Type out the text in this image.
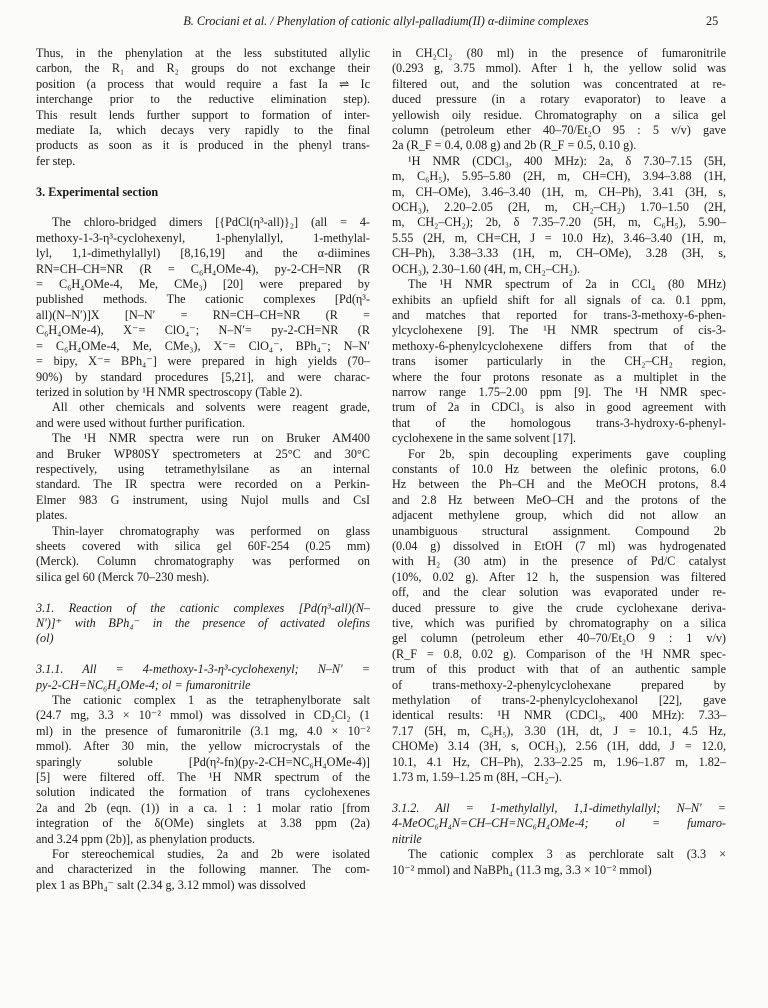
B. Crociani et al. / Phenylation of cationic allyl-palladium(II) α-diimine complexes	25
Thus, in the phenylation at the less substituted allylic
carbon, the R₁ and R₂ groups do not exchange their
position (a process that would require a fast Ia ⇌ Ic
interchange prior to the reductive elimination step).
This result lends further support to formation of inter-
mediate Ia, which decays very rapidly to the final
products as soon as it is produced in the phenyl trans-
fer step.
3. Experimental section
The chloro-bridged dimers [{PdCl(η³-all)}₂] (all = 4-
methoxy-1-3-η³-cyclohexenyl, 1-phenylallyl, 1-methylal-
lyl, 1,1-dimethylallyl) [8,16,19] and the α-diimines
RN=CH–CH=NR (R = C₆H₄OMe-4), py-2-CH=NR (R
= C₆H₄OMe-4, Me, CMe₃) [20] were prepared by
published methods. The cationic complexes [Pd(η³-
all)(N–N′)]X [N–N′ = RN=CH–CH=NR (R =
C₆H₄OMe-4), X⁻= ClO₄⁻; N–N′= py-2-CH=NR (R
= C₆H₄OMe-4, Me, CMe₃), X⁻= ClO₄⁻, BPh₄⁻; N–N′
= bipy, X⁻= BPh₄⁻] were prepared in high yields (70–
90%) by standard procedures [5,21], and were charac-
terized in solution by ¹H NMR spectroscopy (Table 2).
All other chemicals and solvents were reagent grade,
and were used without further purification.
The ¹H NMR spectra were run on Bruker AM400
and Bruker WP80SY spectrometers at 25°C and 30°C
respectively, using tetramethylsilane as an internal
standard. The IR spectra were recorded on a Perkin-
Elmer 983 G instrument, using Nujol mulls and CsI
plates.
Thin-layer chromatography was performed on glass
sheets covered with silica gel 60F-254 (0.25 mm)
(Merck). Column chromatography was performed on
silica gel 60 (Merck 70–230 mesh).
3.1. Reaction of the cationic complexes [Pd(η³-all)(N–
N′)]⁺ with BPh₄⁻ in the presence of activated olefins
(ol)
3.1.1. All = 4-methoxy-1-3-η³-cyclohexenyl; N–N′ =
py-2-CH=NC₆H₄OMe-4; ol = fumaronitrile
The cationic complex 1 as the tetraphenylborate salt
(24.7 mg, 3.3 × 10⁻² mmol) was dissolved in CD₂Cl₂ (1
ml) in the presence of fumaronitrile (3.1 mg, 4.0 × 10⁻²
mmol). After 30 min, the yellow microcrystals of the
sparingly soluble [Pd(η²-fn)(py-2-CH=NC₆H₄OMe-4)]
[5] were filtered off. The ¹H NMR spectrum of the
solution indicated the formation of trans cyclohexenes
2a and 2b (eqn. (1)) in a ca. 1 : 1 molar ratio [from
integration of the δ(OMe) singlets at 3.38 ppm (2a)
and 3.24 ppm (2b)], as phenylation products.
For stereochemical studies, 2a and 2b were isolated
and characterized in the following manner. The com-
plex 1 as BPh₄⁻ salt (2.34 g, 3.12 mmol) was dissolved
in CH₂Cl₂ (80 ml) in the presence of fumaronitrile
(0.293 g, 3.75 mmol). After 1 h, the yellow solid was
filtered out, and the solution was concentrated at re-
duced pressure (in a rotary evaporator) to leave a
yellowish oily residue. Chromatography on a silica gel
column (petroleum ether 40–70/Et₂O 95 : 5 v/v) gave
2a (R_F = 0.4, 0.08 g) and 2b (R_F = 0.5, 0.10 g).
¹H NMR (CDCl₃, 400 MHz): 2a, δ 7.30–7.15 (5H,
m, C₆H₅), 5.95–5.80 (2H, m, CH=CH), 3.94–3.88 (1H,
m, CH–OMe), 3.46–3.40 (1H, m, CH–Ph), 3.41 (3H, s,
OCH₃), 2.20–2.05 (2H, m, CH₂–CH₂) 1.70–1.50 (2H,
m, CH₂–CH₂); 2b, δ 7.35–7.20 (5H, m, C₆H₅), 5.90–
5.55 (2H, m, CH=CH, J = 10.0 Hz), 3.46–3.40 (1H, m,
CH–Ph), 3.38–3.33 (1H, m, CH–OMe), 3.28 (3H, s,
OCH₃), 2.30–1.60 (4H, m, CH₂–CH₂).
The ¹H NMR spectrum of 2a in CCl₄ (80 MHz)
exhibits an upfield shift for all signals of ca. 0.1 ppm,
and matches that reported for trans-3-methoxy-6-phen-
ylcyclohexene [9]. The ¹H NMR spectrum of cis-3-
methoxy-6-phenylcyclohexene differs from that of the
trans isomer particularly in the CH₂–CH₂ region,
where the four protons resonate as a multiplet in the
narrow range 1.75–2.00 ppm [9]. The ¹H NMR spec-
trum of 2a in CDCl₃ is also in good agreement with
that of the homologous trans-3-hydroxy-6-phenyl-
cyclohexene in the same solvent [17].
For 2b, spin decoupling experiments gave coupling
constants of 10.0 Hz between the olefinic protons, 6.0
Hz between the Ph–CH and the MeOCH protons, 8.4
and 2.8 Hz between MeO–CH and the protons of the
adjacent methylene group, which did not allow an
unambiguous structural assignment. Compound 2b
(0.04 g) dissolved in EtOH (7 ml) was hydrogenated
with H₂ (30 atm) in the presence of Pd/C catalyst
(10%, 0.02 g). After 12 h, the suspension was filtered
off, and the clear solution was evaporated under re-
duced pressure to give the crude cyclohexane deriva-
tive, which was purified by chromatography on a silica
gel column (petroleum ether 40–70/Et₂O 9 : 1 v/v)
(R_F = 0.8, 0.02 g). Comparison of the ¹H NMR spec-
trum of this product with that of an authentic sample
of trans-methoxy-2-phenylcyclohexane prepared by
methylation of trans-2-phenylcyclohexanol [22], gave
identical results: ¹H NMR (CDCl₃, 400 MHz): 7.33–
7.17 (5H, m, C₆H₅), 3.30 (1H, dt, J = 10.1, 4.5 Hz,
CHOMe) 3.14 (3H, s, OCH₃), 2.56 (1H, ddd, J = 12.0,
10.1, 4.1 Hz, CH–Ph), 2.33–2.25 m, 1.96–1.87 m, 1.82–
1.73 m, 1.59–1.25 m (8H, –CH₂–).
3.1.2. All = 1-methylallyl, 1,1-dimethylallyl; N–N′ =
4-MeOC₆H₄N=CH–CH=NC₆H₄OMe-4; ol = fumaro-
nitrile
The cationic complex 3 as perchlorate salt (3.3 ×
10⁻² mmol) and NaBPh₄ (11.3 mg, 3.3 × 10⁻² mmol)
